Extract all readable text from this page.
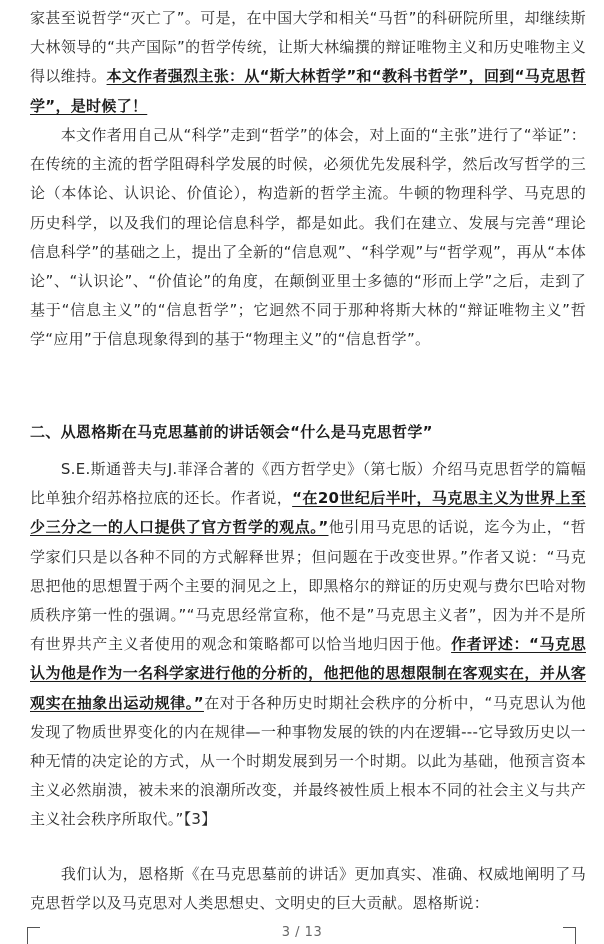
家甚至说哲学“灭亡了”。可是，在中国大学和相关“马哲”的科研院所里，却继续斯大林领导的“共产国际”的哲学传统，让斯大林编撰的辩证唯物主义和历史唯物主义得以维持。本文作者强烈主张：从“斯大林哲学”和“教科书哲学”，回到“马克思哲学”，是时候了！

　　本文作者用自己从“科学”走到“哲学”的体会，对上面的“主张”进行了“举证”：在传统的主流的哲学阻碍科学发展的时候，必须优先发展科学，然后改写哲学的三论（本体论、认识论、价值论），构造新的哲学主流。牛顿的物理科学、马克思的历史科学，以及我们的理论信息科学，都是如此。我们在建立、发展与完善“理论信息科学”的基础之上，提出了全新的“信息观”、“科学观”与“哲学观”，再从“本体论”、“认识论”、“价值论”的角度，在颠倒亚里士多德的“形而上学”之后，走到了基于“信息主义”的“信息哲学”；它迥然不同于那种将斯大林的“辩证唯物主义”哲学“应用”于信息现象得到的基于“物理主义”的“信息哲学”。

二、从恩格斯在马克思墓前的讲话领会“什么是马克思哲学”

　　S.E.斯通普夫与J.菲泽合著的《西方哲学史》（第七版）介绍马克思哲学的篇幅比单独介绍苏格拉底的还长。作者说，“在20世纪后半叶，马克思主义为世界上至少三分之一的人口提供了官方哲学的观点。”他引用马克思的话说，迄今为止，“哲学家们只是以各种不同的方式解释世界；但问题在于改变世界。”作者又说：“马克思把他的思想置于两个主要的洞见之上，即黑格尔的辩证的历史观与费尔巴哈对物质秩序第一性的强调。”“马克思经常宣称，他不是”马克思主义者”，因为并不是所有世界共产主义者使用的观念和策略都可以恰当地归因于他。作者评述：“马克思认为他是作为一名科学家进行他的分析的，他把他的思想限制在客观实在，并从客观实在抽象出运动规律。”在对于各种历史时期社会秩序的分析中，“马克思认为他发现了物质世界变化的内在规律—一种事物发展的铁的内在逻辑---它导致历史以一种无情的决定论的方式，从一个时期发展到另一个时期。以此为基础，他预言资本主义必然崩溃，被未来的浪潮所改变，并最终被性质上根本不同的社会主义与共产主义社会秩序所取代。”【3】

　　我们认为，恩格斯《在马克思墓前的讲话》更加真实、准确、权威地阐明了马克思哲学以及马克思对人类思想史、文明史的巨大贡献。恩格斯说：

3 / 13
